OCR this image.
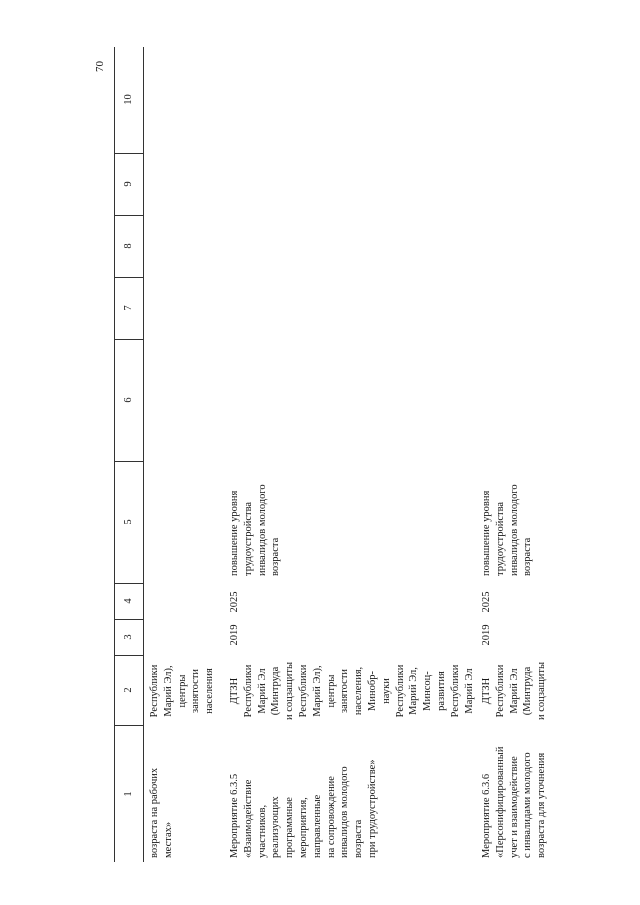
70
1
2
3
4
5
6
7
8
9
10
возраста на рабочих
местах»
Республики
Марий Эл),
центры
занятости
населения
Мероприятие 6.3.5
«Взаимодействие
участников,
реализующих
программные
мероприятия,
направленные
на сопровождение
инвалидов молодого
возраста
при трудоустройстве»
ДТЗН
Республики
Марий Эл
(Минтруда
и соцзащиты
Республики
Марий Эл),
центры
занятости
населения,
Минобр-
науки
Республики
Марий Эл,
Минсоц-
развития
Республики
Марий Эл
2019
2025
повышение уровня
трудоустройства
инвалидов молодого
возраста
Мероприятие 6.3.6
«Персонифицированный
учет и взаимодействие
с инвалидами молодого
возраста для уточнения
ДТЗН
Республики
Марий Эл
(Минтруда
и соцзащиты
2019
2025
повышение уровня
трудоустройства
инвалидов молодого
возраста
